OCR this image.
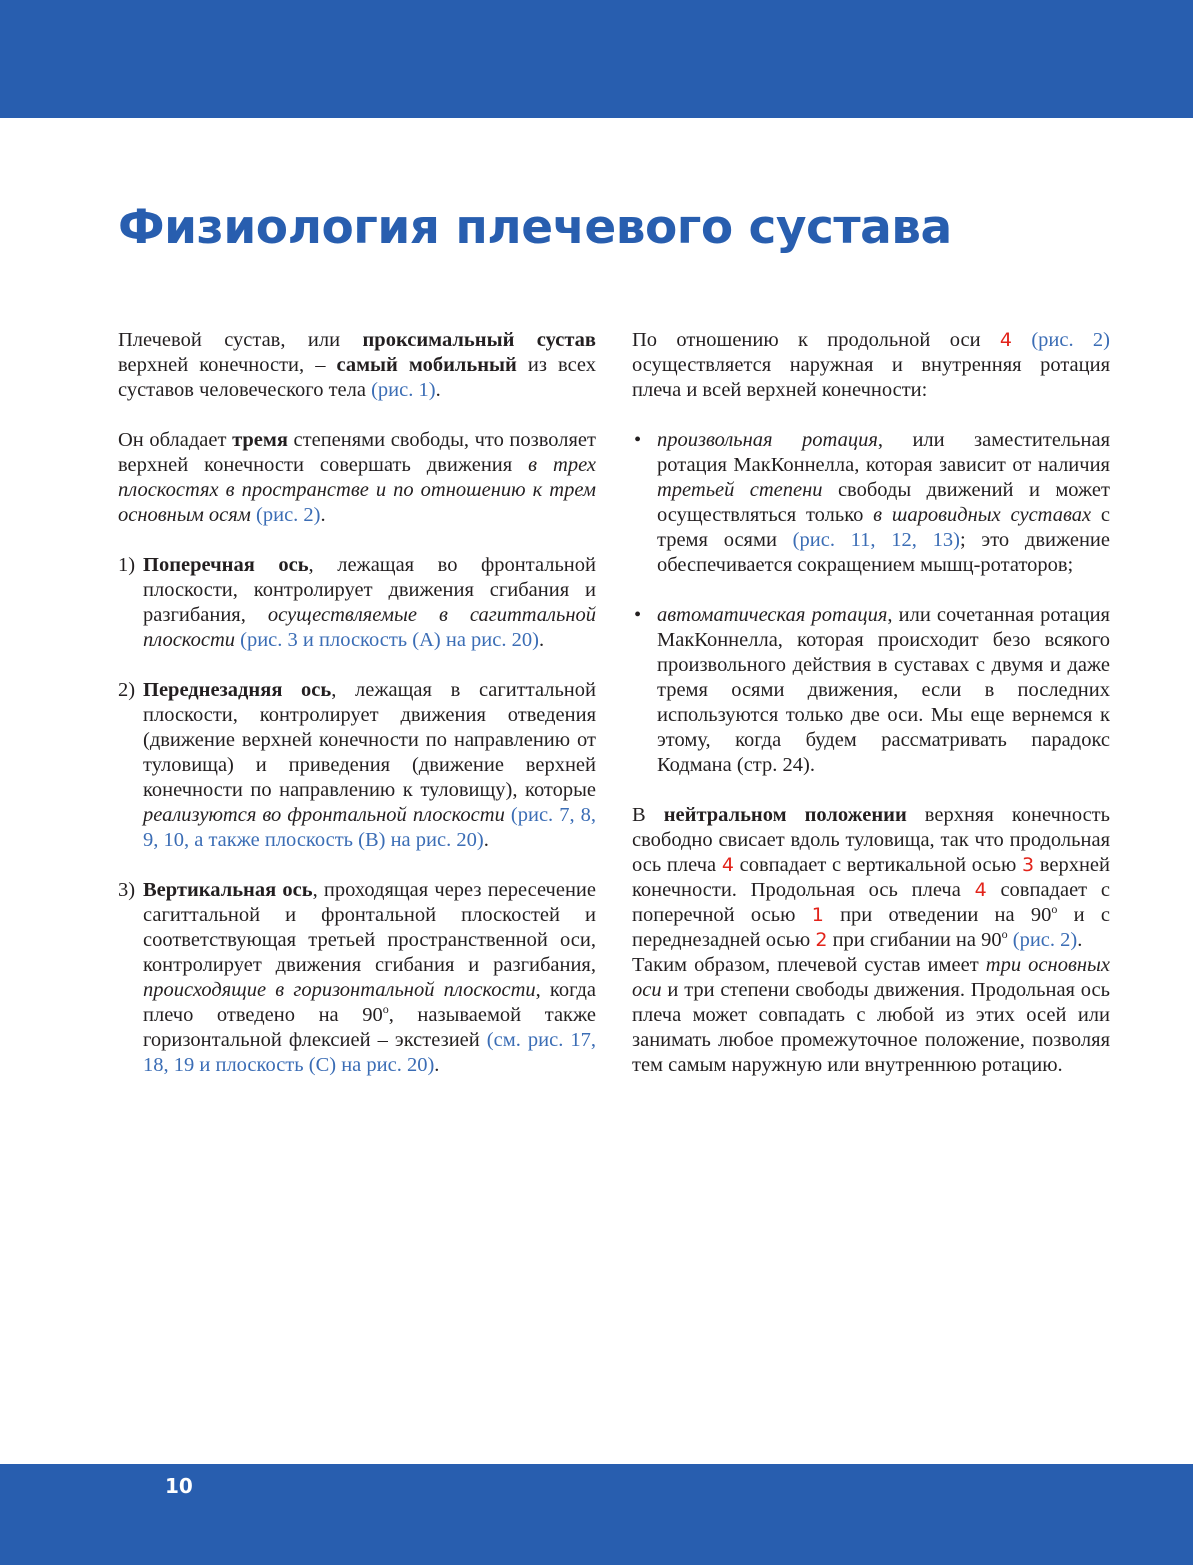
Физиология плечевого сустава

Плечевой сустав, или проксимальный сустав верхней конечности, – самый мобильный из всех суставов человеческого тела (рис. 1).

Он обладает тремя степенями свободы, что позволяет верхней конечности совершать движения в трех плоскостях в пространстве и по отношению к трем основным осям (рис. 2).

1) Поперечная ось, лежащая во фронтальной плоскости, контролирует движения сгибания и разгибания, осуществляемые в сагиттальной плоскости (рис. 3 и плоскость (A) на рис. 20).
2) Переднезадняя ось, лежащая в сагиттальной плоскости, контролирует движения отведения (движение верхней конечности по направлению от туловища) и приведения (движение верхней конечности по направлению к туловищу), которые реализуются во фронтальной плоскости (рис. 7, 8, 9, 10, а также плоскость (B) на рис. 20).
3) Вертикальная ось, проходящая через пересечение сагиттальной и фронтальной плоскостей и соответствующая третьей пространственной оси, контролирует движения сгибания и разгибания, происходящие в горизонтальной плоскости, когда плечо отведено на 90$^o$, называемой также горизонтальной флексией – экстезией (см. рис. 17, 18, 19 и плоскость (C) на рис. 20).

По отношению к продольной оси 4 (рис. 2) осуществляется наружная и внутренняя ротация плеча и всей верхней конечности:

• произвольная ротация, или заместительная ротация МакКоннелла, которая зависит от наличия третьей степени свободы движений и может осуществляться только в шаровидных суставах с тремя осями (рис. 11, 12, 13); это движение обеспечивается сокращением мышц-ротаторов;
• автоматическая ротация, или сочетанная ротация МакКоннелла, которая происходит безо всякого произвольного действия в суставах с двумя и даже тремя осями движения, если в последних используются только две оси. Мы еще вернемся к этому, когда будем рассматривать парадокс Кодмана (стр. 24).

В нейтральном положении верхняя конечность свободно свисает вдоль туловища, так что продольная ось плеча 4 совпадает с вертикальной осью 3 верхней конечности. Продольная ось плеча 4 совпадает с поперечной осью 1 при отведении на 90$^o$ и с переднезадней осью 2 при сгибании на 90$^o$ (рис. 2).

Таким образом, плечевой сустав имеет три основных оси и три степени свободы движения. Продольная ось плеча может совпадать с любой из этих осей или занимать любое промежуточное положение, позволяя тем самым наружную или внутреннюю ротацию.

10
